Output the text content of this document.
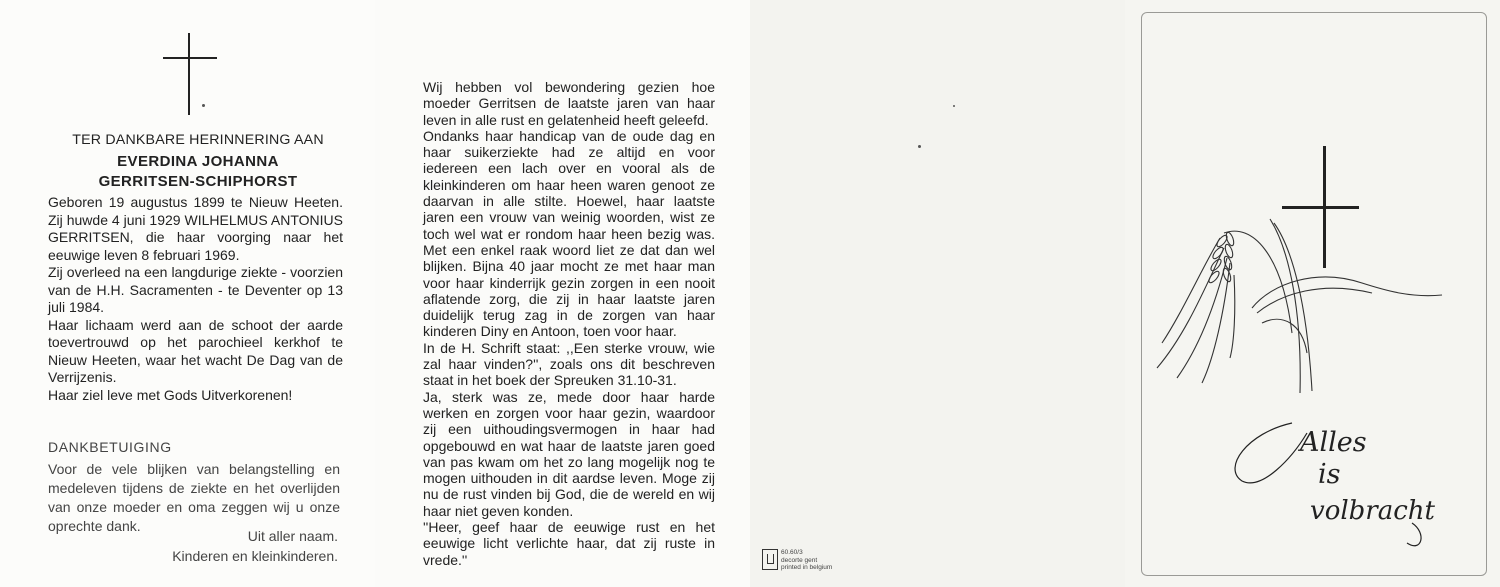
TER DANKBARE HERINNERING AAN
EVERDINA JOHANNA
GERRITSEN-SCHIPHORST

Geboren 19 augustus 1899 te Nieuw Heeten. Zij huwde 4 juni 1929 WILHELMUS ANTONIUS GERRITSEN, die haar voorging naar het eeuwige leven 8 februari 1969.

Zij overleed na een langdurige ziekte - voorzien van de H.H. Sacramenten - te Deventer op 13 juli 1984.

Haar lichaam werd aan de schoot der aarde toevertrouwd op het parochieel kerkhof te Nieuw Heeten, waar het wacht De Dag van de Verrijzenis.

Haar ziel leve met Gods Uitverkorenen!

DANKBETUIGING

Voor de vele blijken van belangstelling en medeleven tijdens de ziekte en het overlijden van onze moeder en oma zeggen wij u onze oprechte dank.

Uit aller naam.
Kinderen en kleinkinderen.

Wij hebben vol bewondering gezien hoe moeder Gerritsen de laatste jaren van haar leven in alle rust en gelatenheid heeft geleefd.

Ondanks haar handicap van de oude dag en haar suikerziekte had ze altijd en voor iedereen een lach over en vooral als de kleinkinderen om haar heen waren genoot ze daarvan in alle stilte. Hoewel, haar laatste jaren een vrouw van weinig woorden, wist ze toch wel wat er rondom haar heen bezig was. Met een enkel raak woord liet ze dat dan wel blijken. Bijna 40 jaar mocht ze met haar man voor haar kinderrijk gezin zorgen in een nooit aflatende zorg, die zij in haar laatste jaren duidelijk terug zag in de zorgen van haar kinderen Diny en Antoon, toen voor haar.

In de H. Schrift staat: ,,Een sterke vrouw, wie zal haar vinden?'', zoals ons dit beschreven staat in het boek der Spreuken 31.10-31.

Ja, sterk was ze, mede door haar harde werken en zorgen voor haar gezin, waardoor zij een uithoudingsvermogen in haar had opgebouwd en wat haar de laatste jaren goed van pas kwam om het zo lang mogelijk nog te mogen uithouden in dit aardse leven. Moge zij nu de rust vinden bij God, die de wereld en wij haar niet geven konden.

''Heer, geef haar de eeuwige rust en het eeuwige licht verlichte haar, dat zij ruste in vrede.''	60.60/3
decorte gent
printed in belgium
Alles
is
volbracht
